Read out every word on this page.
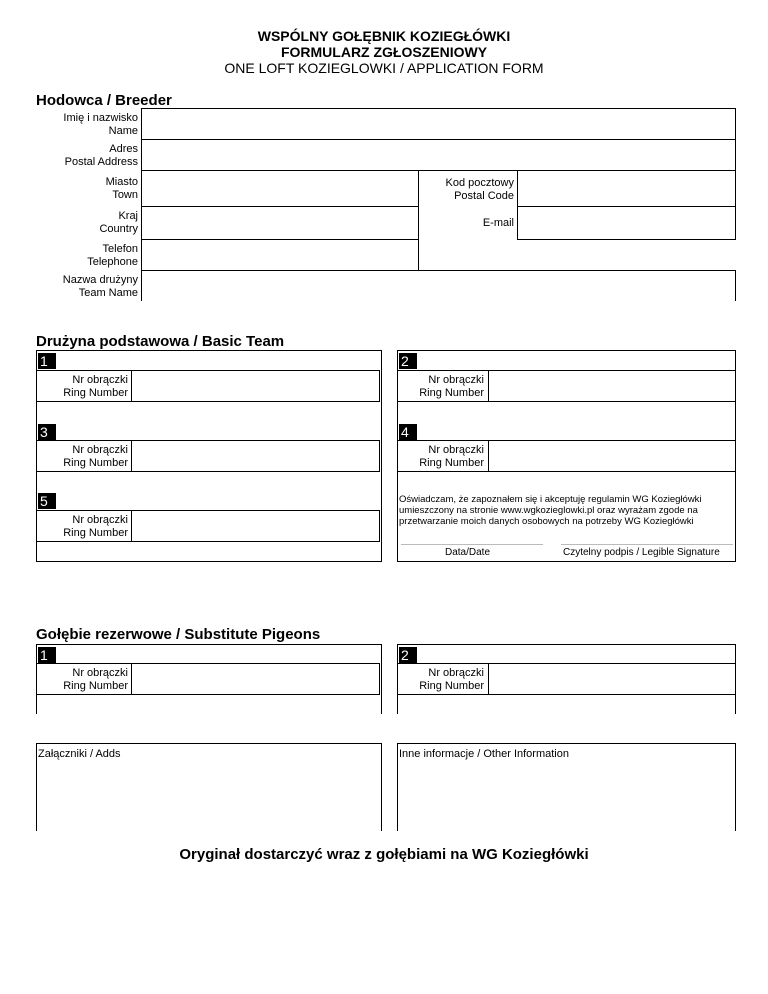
WSPÓLNY GOŁĘBNIK KOZIEGŁÓWKI
FORMULARZ ZGŁOSZENIOWY
ONE LOFT KOZIEGLOWKI / APPLICATION FORM
Hodowca / Breeder
Imię i nazwisko
Name
Adres
Postal Address
Miasto
Town
Kod pocztowy
Postal Code
Kraj
Country	E-mail
Telefon
Telephone
Nazwa drużyny
Team Name
Drużyna podstawowa / Basic Team
1
Nr obrączki
Ring Number
2
Nr obrączki
Ring Number
3
Nr obrączki
Ring Number
4
Nr obrączki
Ring Number
5
Nr obrączki
Ring Number
Oświadczam, że zapoznałem się i akceptuję regulamin WG Koziegłówki
umieszczony na stronie www.wgkozieglowki.pl oraz wyrażam zgode na
przetwarzanie moich danych osobowych na potrzeby WG Koziegłówki
Data/Date	Czytelny podpis / Legible Signature
Gołębie rezerwowe / Substitute Pigeons
1
Nr obrączki
Ring Number
2
Nr obrączki
Ring Number
Załączniki / Adds	Inne informacje / Other Information
Oryginał dostarczyć wraz z gołębiami na WG Koziegłówki
